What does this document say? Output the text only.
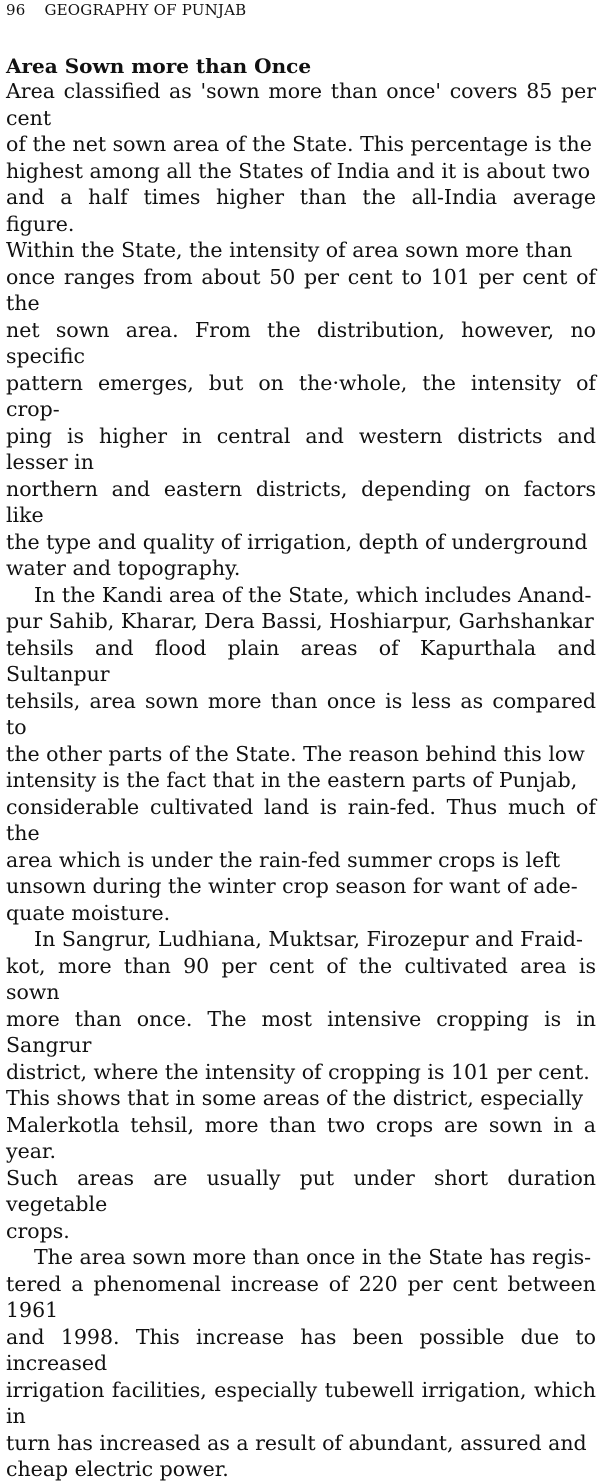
96 GEOGRAPHY OF PUNJAB
Area Sown more than Once

Area classified as 'sown more than once' covers 85 per cent
of the net sown area of the State. This percentage is the
highest among all the States of India and it is about two
and a half times higher than the all-India average figure.
Within the State, the intensity of area sown more than
once ranges from about 50 per cent to 101 per cent of the
net sown area. From the distribution, however, no specific
pattern emerges, but on the·whole, the intensity of crop-
ping is higher in central and western districts and lesser in
northern and eastern districts, depending on factors like
the type and quality of irrigation, depth of underground
water and topography.

In the Kandi area of the State, which includes Anand-
pur Sahib, Kharar, Dera Bassi, Hoshiarpur, Garhshankar
tehsils and flood plain areas of Kapurthala and Sultanpur
tehsils, area sown more than once is less as compared to
the other parts of the State. The reason behind this low
intensity is the fact that in the eastern parts of Punjab,
considerable cultivated land is rain-fed. Thus much of the
area which is under the rain-fed summer crops is left
unsown during the winter crop season for want of ade-
quate moisture.

In Sangrur, Ludhiana, Muktsar, Firozepur and Fraid-
kot, more than 90 per cent of the cultivated area is sown
more than once. The most intensive cropping is in Sangrur
district, where the intensity of cropping is 101 per cent.
This shows that in some areas of the district, especially
Malerkotla tehsil, more than two crops are sown in a year.
Such areas are usually put under short duration vegetable
crops.

The area sown more than once in the State has regis-
tered a phenomenal increase of 220 per cent between 1961
and 1998. This increase has been possible due to increased
irrigation facilities, especially tubewell irrigation, which in
turn has increased as a result of abundant, assured and
cheap electric power.
